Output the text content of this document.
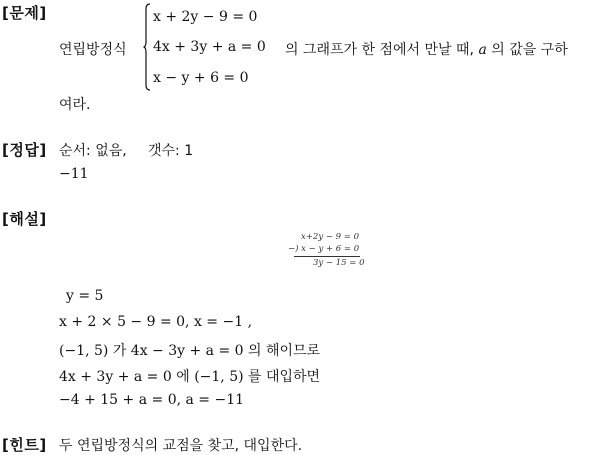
[문제]
연립방정식
x + 2y − 9 = 0
4x + 3y + a = 0
x − y + 6 = 0
의 그래프가 한 점에서 만날 때, a 의 값을 구하
여라.
[정답] 순서: 없음, 갯수: 1
−11
[해설]
x+2y − 9 = 0
−) x − y + 6 = 0
3y − 15 = 0
y = 5
x + 2 × 5 − 9 = 0, x = −1 ,
(−1, 5) 가 4x − 3y + a = 0 의 해이므로
4x + 3y + a = 0 에 (−1, 5) 를 대입하면
−4 + 15 + a = 0, a = −11
[힌트] 두 연립방정식의 교점을 찾고, 대입한다.
